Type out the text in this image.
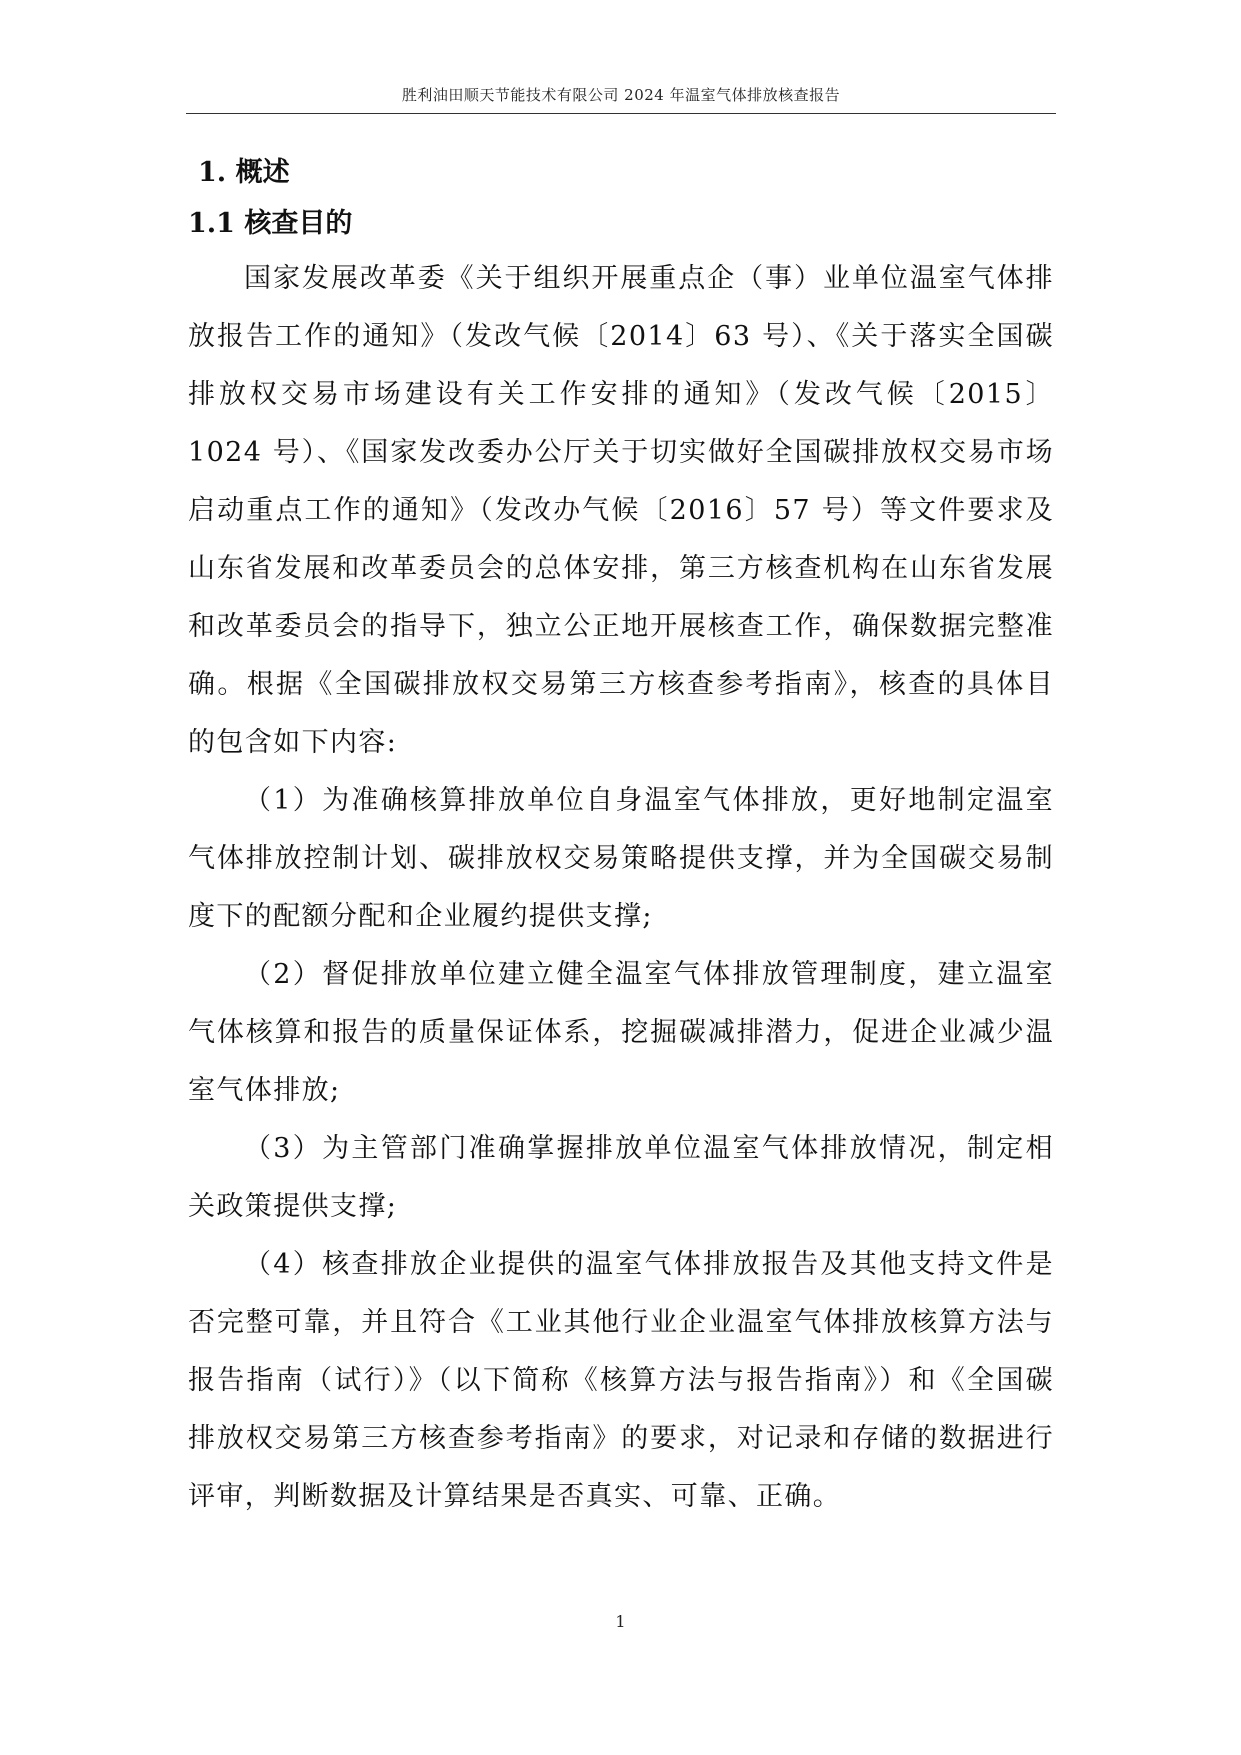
胜利油田顺天节能技术有限公司 2024 年温室气体排放核查报告
1. 概述
1.1 核查目的

国家发展改革委《关于组织开展重点企（事）业单位温室气体排放报告工作的通知》（发改气候〔2014〕63 号）、《关于落实全国碳排放权交易市场建设有关工作安排的通知》（发改气候〔2015〕1024 号）、《国家发改委办公厅关于切实做好全国碳排放权交易市场启动重点工作的通知》（发改办气候〔2016〕57 号）等文件要求及山东省发展和改革委员会的总体安排，第三方核查机构在山东省发展和改革委员会的指导下，独立公正地开展核查工作，确保数据完整准确。根据《全国碳排放权交易第三方核查参考指南》，核查的具体目的包含如下内容:

（1）为准确核算排放单位自身温室气体排放，更好地制定温室气体排放控制计划、碳排放权交易策略提供支撑，并为全国碳交易制度下的配额分配和企业履约提供支撑;

（2）督促排放单位建立健全温室气体排放管理制度，建立温室气体核算和报告的质量保证体系，挖掘碳减排潜力，促进企业减少温室气体排放;

（3）为主管部门准确掌握排放单位温室气体排放情况，制定相关政策提供支撑;

（4）核查排放企业提供的温室气体排放报告及其他支持文件是否完整可靠，并且符合《工业其他行业企业温室气体排放核算方法与报告指南（试行）》（以下简称《核算方法与报告指南》）和《全国碳排放权交易第三方核查参考指南》的要求，对记录和存储的数据进行评审，判断数据及计算结果是否真实、可靠、正确。

1
